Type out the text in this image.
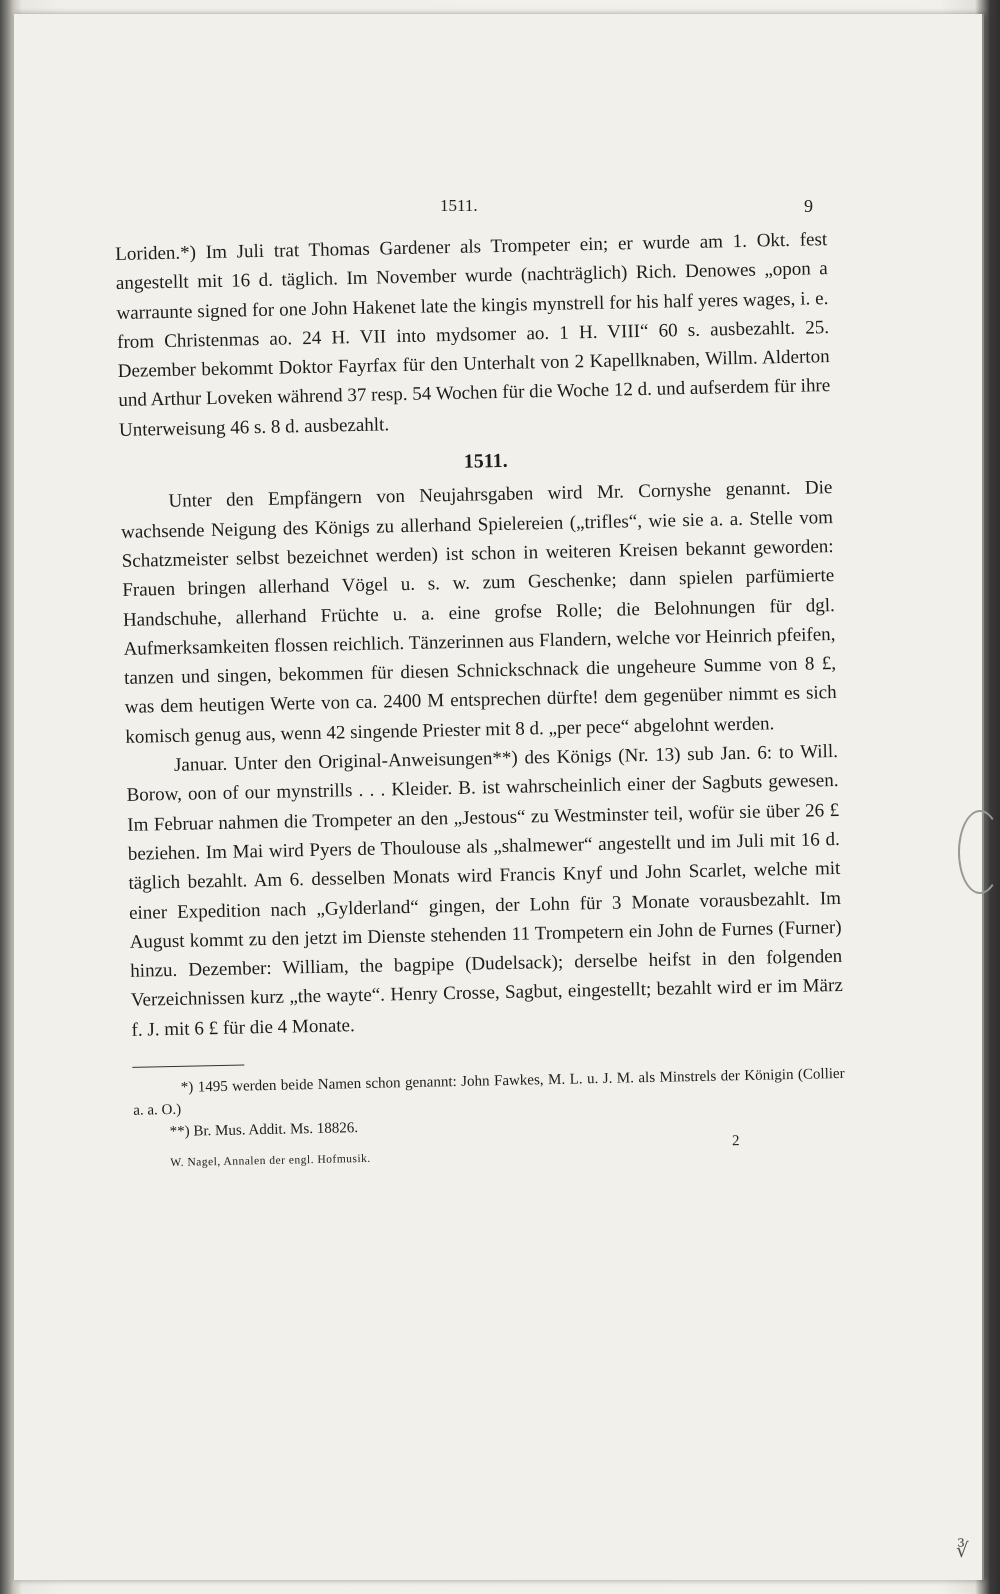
1511.	9

Loriden.*) Im Juli trat Thomas Gardener als Trompeter ein; er wurde am 1. Okt. fest angestellt mit 16 d. täglich. Im November wurde (nachträglich) Rich. Denowes „opon a warraunte signed for one John Hakenet late the kingis mynstrell for his half yeres wages, i. e. from Christenmas ao. 24 H. VII into mydsomer ao. 1 H. VIII“ 60 s. ausbezahlt. 25. Dezember bekommt Doktor Fayrfax für den Unterhalt von 2 Kapellknaben, Willm. Alderton und Arthur Loveken während 37 resp. 54 Wochen für die Woche 12 d. und aufserdem für ihre Unterweisung 46 s. 8 d. ausbezahlt.

1511.

Unter den Empfängern von Neujahrsgaben wird Mr. Cornyshe genannt. Die wachsende Neigung des Königs zu allerhand Spielereien („trifles“, wie sie a. a. Stelle vom Schatzmeister selbst bezeichnet werden) ist schon in weiteren Kreisen bekannt geworden: Frauen bringen allerhand Vögel u. s. w. zum Geschenke; dann spielen parfümierte Handschuhe, allerhand Früchte u. a. eine grofse Rolle; die Belohnungen für dgl. Aufmerksamkeiten flossen reichlich. Tänzerinnen aus Flandern, welche vor Heinrich pfeifen, tanzen und singen, bekommen für diesen Schnickschnack die ungeheure Summe von 8 £, was dem heutigen Werte von ca. 2400 M entsprechen dürfte! dem gegenüber nimmt es sich komisch genug aus, wenn 42 singende Priester mit 8 d. „per pece“ abgelohnt werden.

Januar. Unter den Original-Anweisungen**) des Königs (Nr. 13) sub Jan. 6: to Will. Borow, oon of our mynstrills . . . Kleider. B. ist wahrscheinlich einer der Sagbuts gewesen. Im Februar nahmen die Trompeter an den „Jestous“ zu Westminster teil, wofür sie über 26 £ beziehen. Im Mai wird Pyers de Thoulouse als „shalmewer“ angestellt und im Juli mit 16 d. täglich bezahlt. Am 6. desselben Monats wird Francis Knyf und John Scarlet, welche mit einer Expedition nach „Gylderland“ gingen, der Lohn für 3 Monate vorausbezahlt. Im August kommt zu den jetzt im Dienste stehenden 11 Trompetern ein John de Furnes (Furner) hinzu. Dezember: William, the bagpipe (Dudelsack); derselbe heifst in den folgenden Verzeichnissen kurz „the wayte“. Henry Crosse, Sagbut, eingestellt; bezahlt wird er im März f. J. mit 6 £ für die 4 Monate.

*) 1495 werden beide Namen schon genannt: John Fawkes, M. L. u. J. M. als Minstrels der Königin (Collier a. a. O.)

**) Br. Mus. Addit. Ms. 18826.

W. Nagel, Annalen der engl. Hofmusik.
2
∛
